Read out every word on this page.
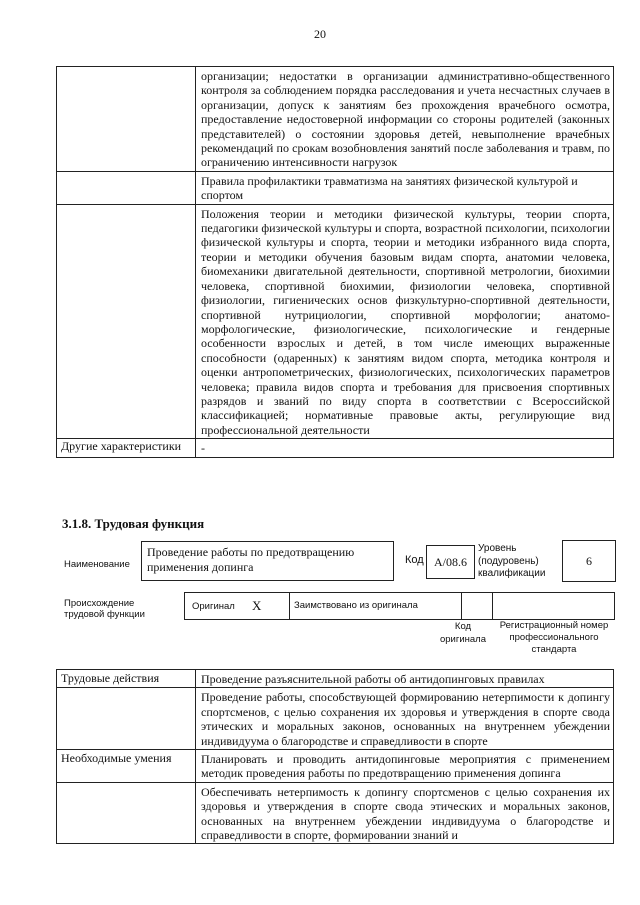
20

	организации; недостатки в организации административно-общественного контроля за соблюдением порядка расследования и учета несчастных случаев в организации, допуск к занятиям без прохождения врачебного осмотра, предоставление недостоверной информации со стороны родителей (законных представителей) о состоянии здоровья детей, невыполнение врачебных рекомендаций по срокам возобновления занятий после заболевания и травм, по ограничению интенсивности нагрузок

	Правила профилактики травматизма на занятиях физической культурой и спортом

	Положения теории и методики физической культуры, теории спорта, педагогики физической культуры и спорта, возрастной психологии, психологии физической культуры и спорта, теории и методики избранного вида спорта, теории и методики обучения базовым видам спорта, анатомии человека, биомеханики двигательной деятельности, спортивной метрологии, биохимии человека, спортивной биохимии, физиологии человека, спортивной физиологии, гигиенических основ физкультурно-спортивной деятельности, спортивной нутрициологии, спортивной морфологии; анатомо-морфологические, физиологические, психологические и гендерные особенности взрослых и детей, в том числе имеющих выраженные способности (одаренных) к занятиям видом спорта, методика контроля и оценки антропометрических, физиологических, психологических параметров человека; правила видов спорта и требования для присвоения спортивных разрядов и званий по виду спорта в соответствии с Всероссийской классификацией; нормативные правовые акты, регулирующие вид профессиональной деятельности

Другие характеристики	-
3.1.8. Трудовая функция
Наименование
Проведение работы по предотвращению применения допинга	Код A/08.6
Уровень (подуровень) квалификации
6
Происхождение трудовой функции
Оригинал X	Заимствовано из оригинала
Код оригинала
Регистрационный номер профессионального стандарта
Трудовые действия	Проведение разъяснительной работы об антидопинговых правилах

	Проведение работы, способствующей формированию нетерпимости к допингу спортсменов, с целью сохранения их здоровья и утверждения в спорте свода этических и моральных законов, основанных на внутреннем убеждении индивидуума о благородстве и справедливости в спорте

Необходимые умения	Планировать и проводить антидопинговые мероприятия с применением методик проведения работы по предотвращению применения допинга

	Обеспечивать нетерпимость к допингу спортсменов с целью сохранения их здоровья и утверждения в спорте свода этических и моральных законов, основанных на внутреннем убеждении индивидуума о благородстве и справедливости в спорте, формировании знаний и
